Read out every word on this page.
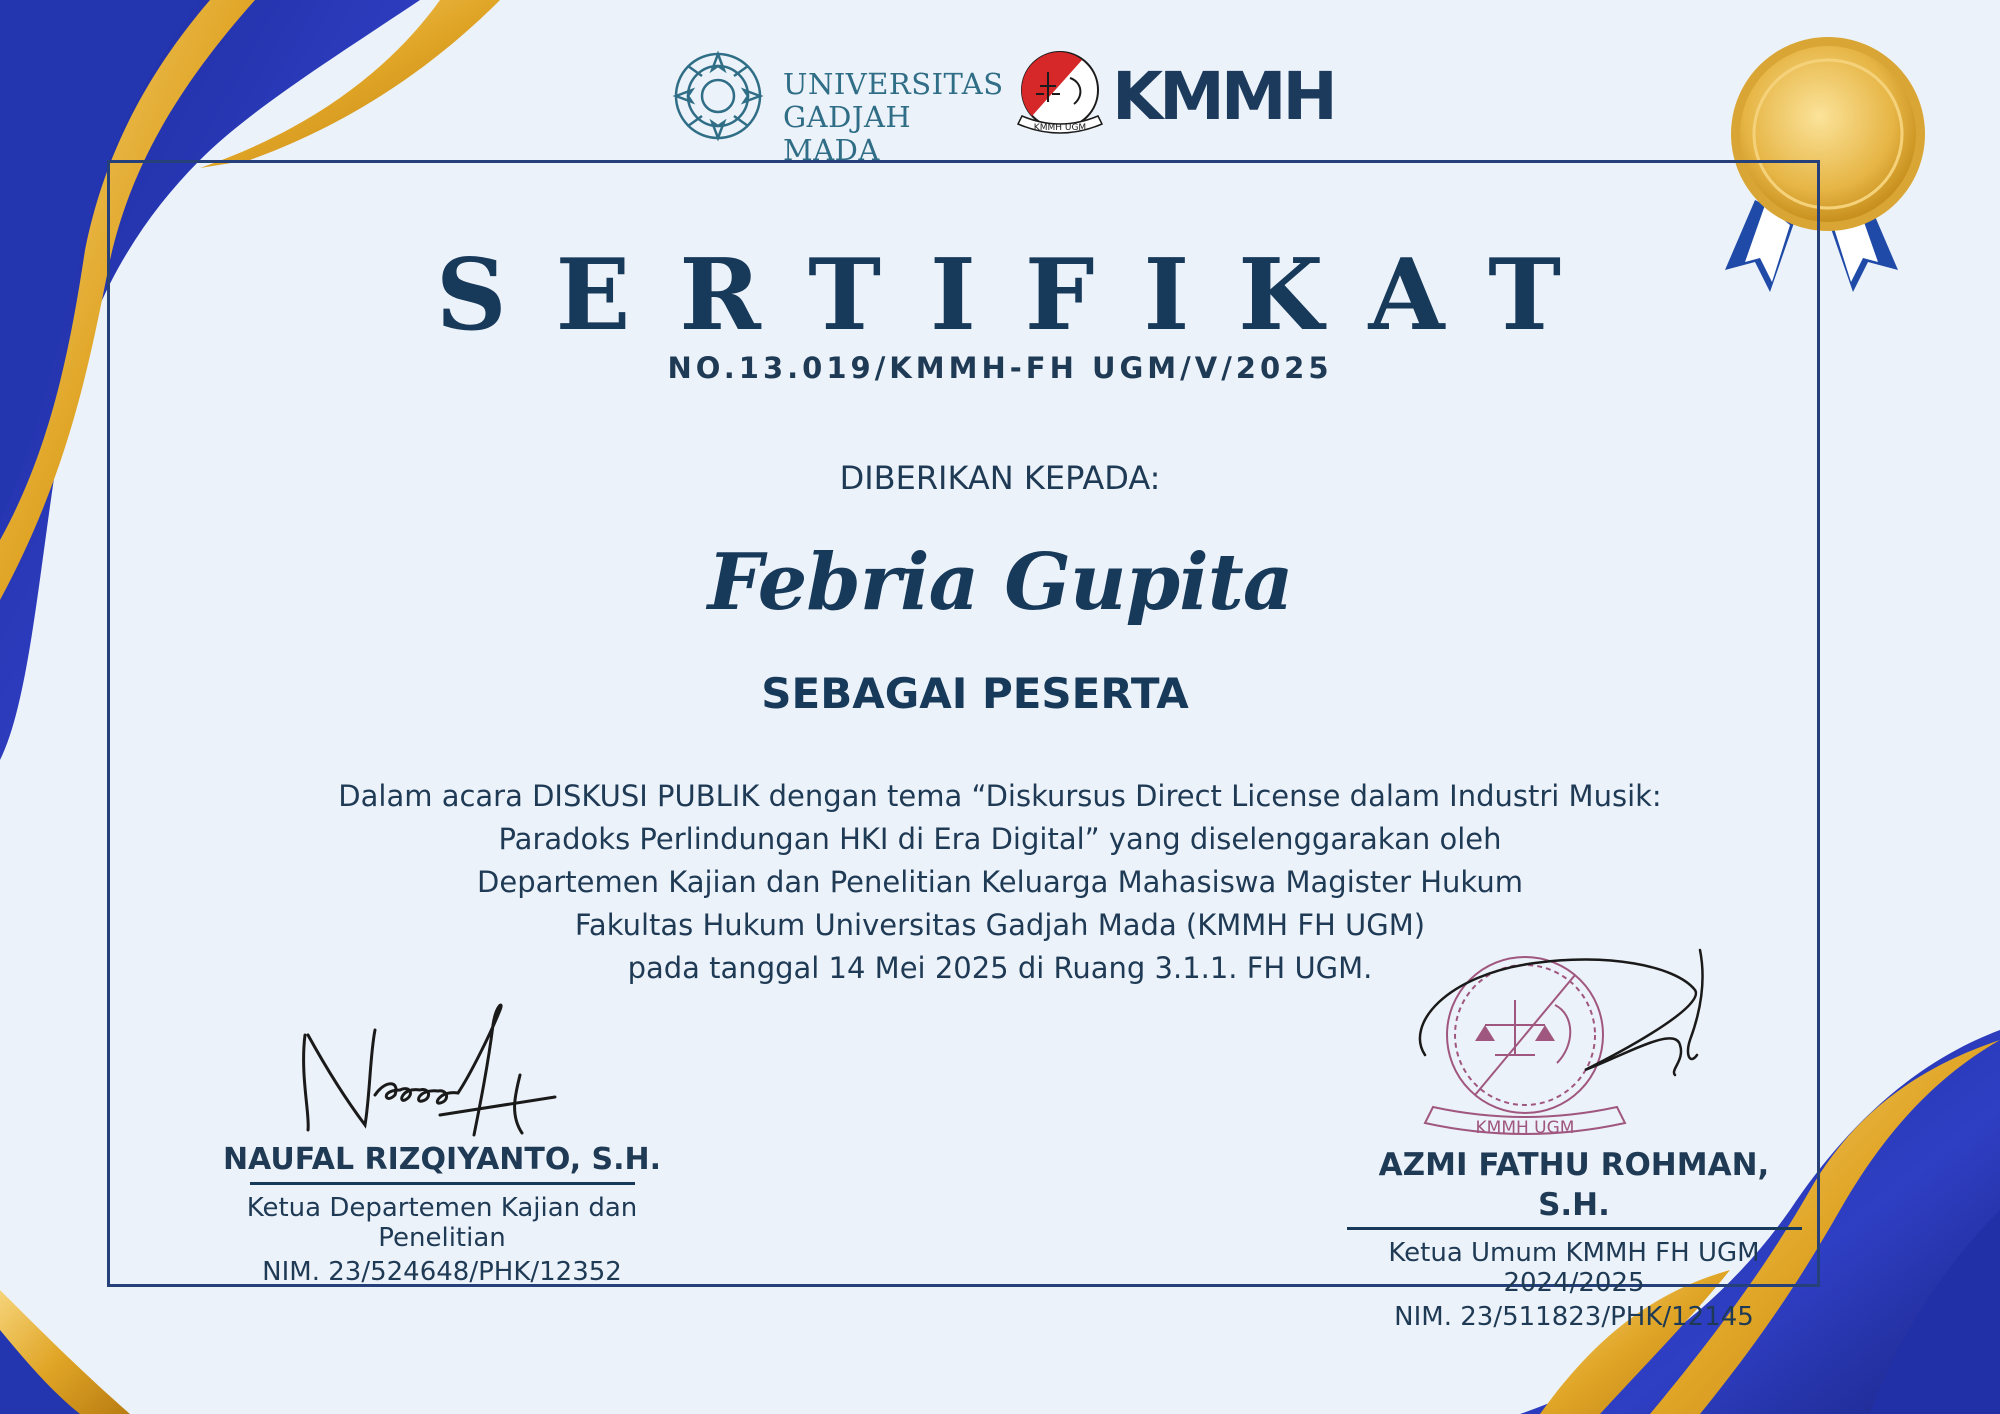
UNIVERSITAS
GADJAH MADA
KMMH UGM KMMH
SERTIFIKAT
NO.13.019/KMMH-FH UGM/V/2025
DIBERIKAN KEPADA:
Febria Gupita
SEBAGAI PESERTA
Dalam acara DISKUSI PUBLIK dengan tema “Diskursus Direct License dalam Industri Musik:
Paradoks Perlindungan HKI di Era Digital” yang diselenggarakan oleh
Departemen Kajian dan Penelitian Keluarga Mahasiswa Magister Hukum
Fakultas Hukum Universitas Gadjah Mada (KMMH FH UGM)
pada tanggal 14 Mei 2025 di Ruang 3.1.1. FH UGM.
NAUFAL RIZQIYANTO, S.H.
Ketua Departemen Kajian dan
Penelitian
NIM. 23/524648/PHK/12352
KMMH UGM
AZMI FATHU ROHMAN, S.H.
Ketua Umum KMMH FH UGM
2024/2025
NIM. 23/511823/PHK/12145
